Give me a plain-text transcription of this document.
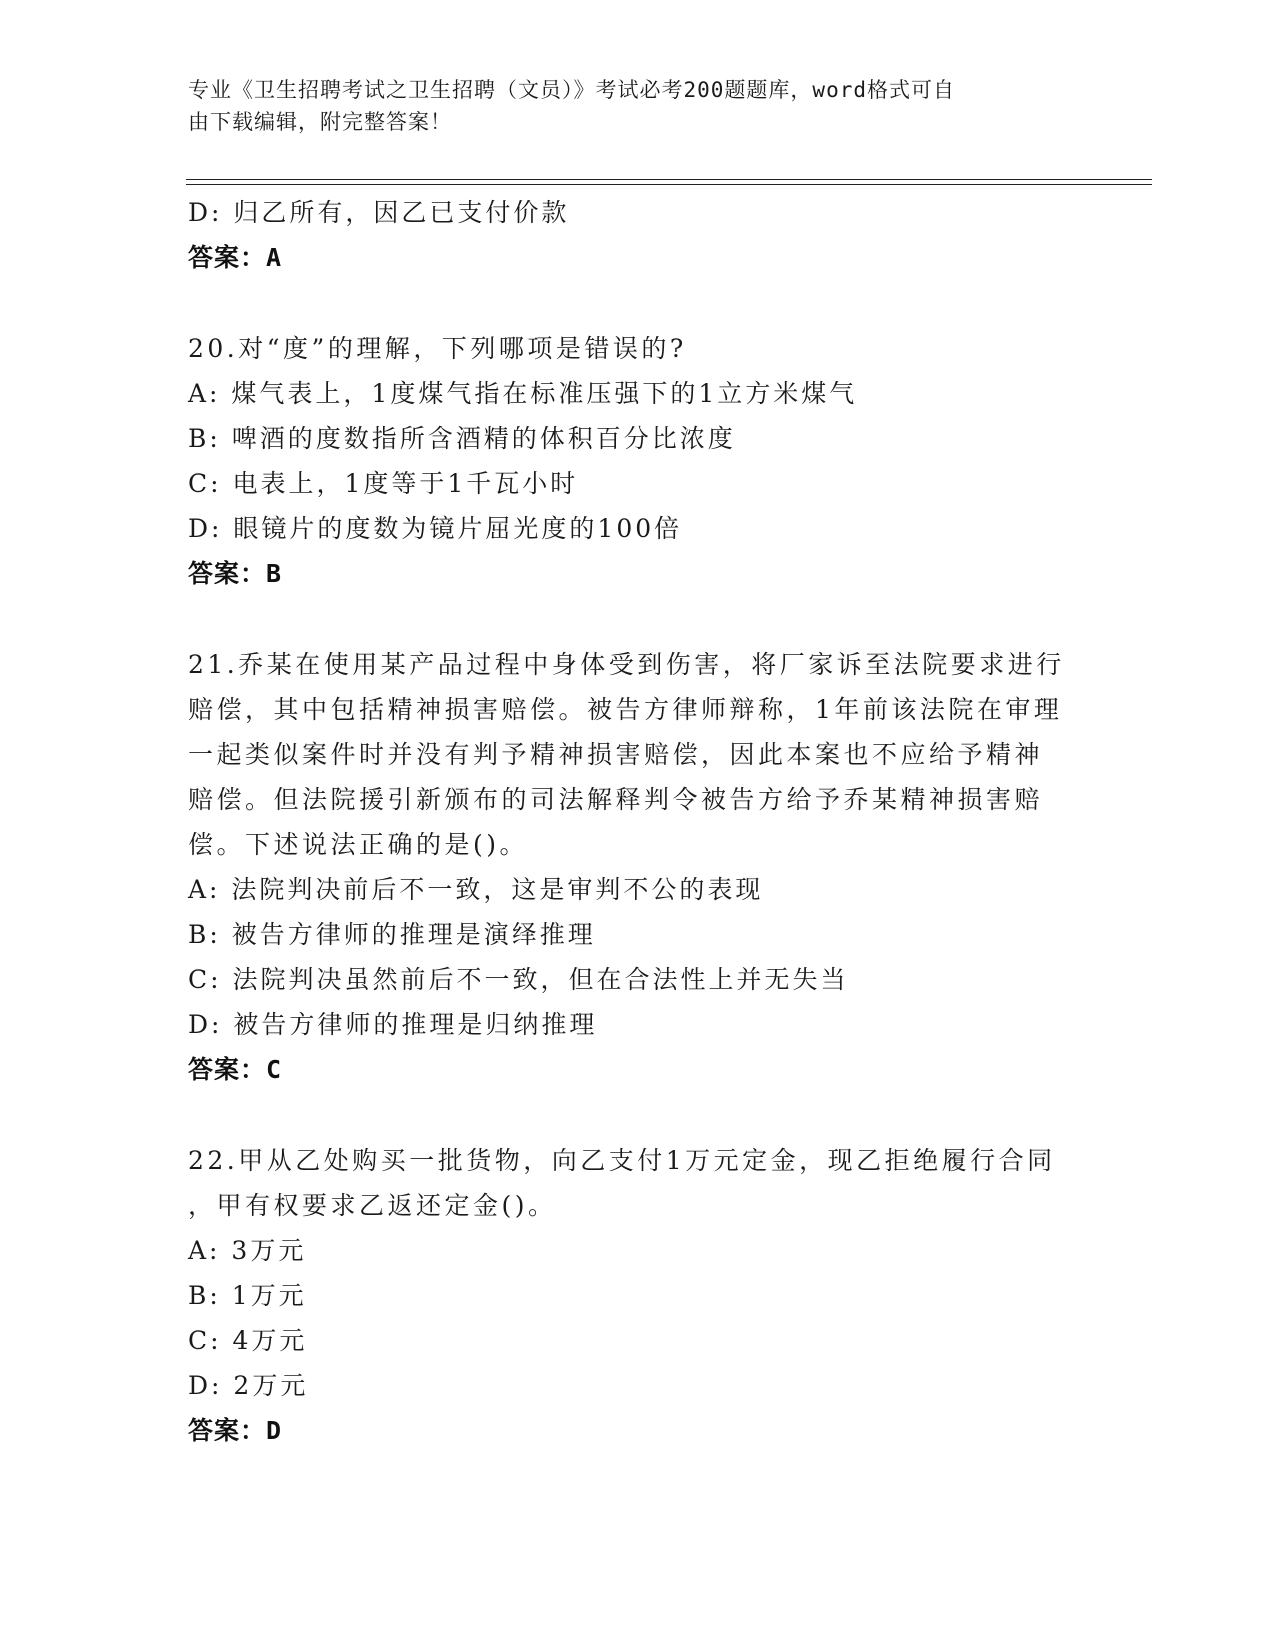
专业《卫生招聘考试之卫生招聘（文员）》考试必考200题题库，word格式可自
由下载编辑，附完整答案！
D: 归乙所有，因乙已支付价款
答案：A
20.对“度”的理解，下列哪项是错误的?
A: 煤气表上，1度煤气指在标准压强下的1立方米煤气
B: 啤酒的度数指所含酒精的体积百分比浓度
C: 电表上，1度等于1千瓦小时
D: 眼镜片的度数为镜片屈光度的100倍
答案：B
21.乔某在使用某产品过程中身体受到伤害，将厂家诉至法院要求进行
赔偿，其中包括精神损害赔偿。被告方律师辩称，1年前该法院在审理
一起类似案件时并没有判予精神损害赔偿，因此本案也不应给予精神
赔偿。但法院援引新颁布的司法解释判令被告方给予乔某精神损害赔
偿。下述说法正确的是()。
A: 法院判决前后不一致，这是审判不公的表现
B: 被告方律师的推理是演绎推理
C: 法院判决虽然前后不一致，但在合法性上并无失当
D: 被告方律师的推理是归纳推理
答案：C
22.甲从乙处购买一批货物，向乙支付1万元定金，现乙拒绝履行合同
，甲有权要求乙返还定金()。
A: 3万元
B: 1万元
C: 4万元
D: 2万元
答案：D
